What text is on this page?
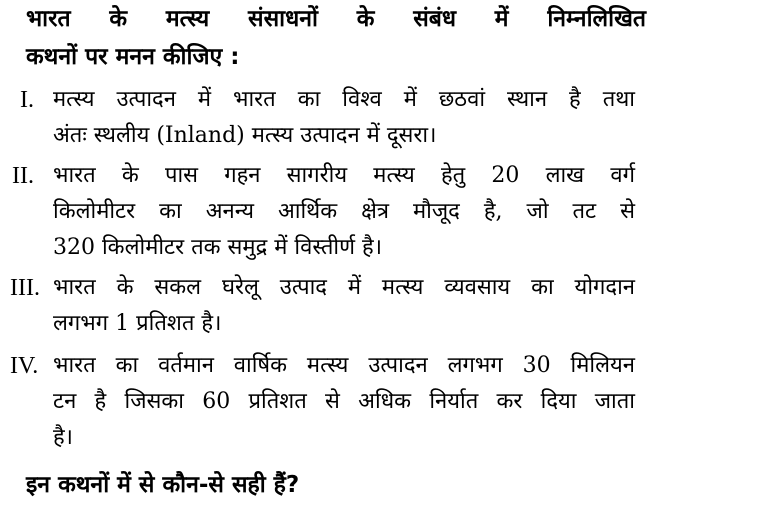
भारत के मत्स्य संसाधनों के संबंध में निम्नलिखित
कथनों पर मनन कीजिए :
I. मत्स्य उत्पादन में भारत का विश्व में छठवां स्थान है तथा
अंतः स्थलीय (Inland) मत्स्य उत्पादन में दूसरा।
II. भारत के पास गहन सागरीय मत्स्य हेतु 20 लाख वर्ग
किलोमीटर का अनन्य आर्थिक क्षेत्र मौजूद है, जो तट से
320 किलोमीटर तक समुद्र में विस्तीर्ण है।
III. भारत के सकल घरेलू उत्पाद में मत्स्य व्यवसाय का योगदान
लगभग 1 प्रतिशत है।
IV. भारत का वर्तमान वार्षिक मत्स्य उत्पादन लगभग 30 मिलियन
टन है जिसका 60 प्रतिशत से अधिक निर्यात कर दिया जाता
है।
इन कथनों में से कौन-से सही हैं?
